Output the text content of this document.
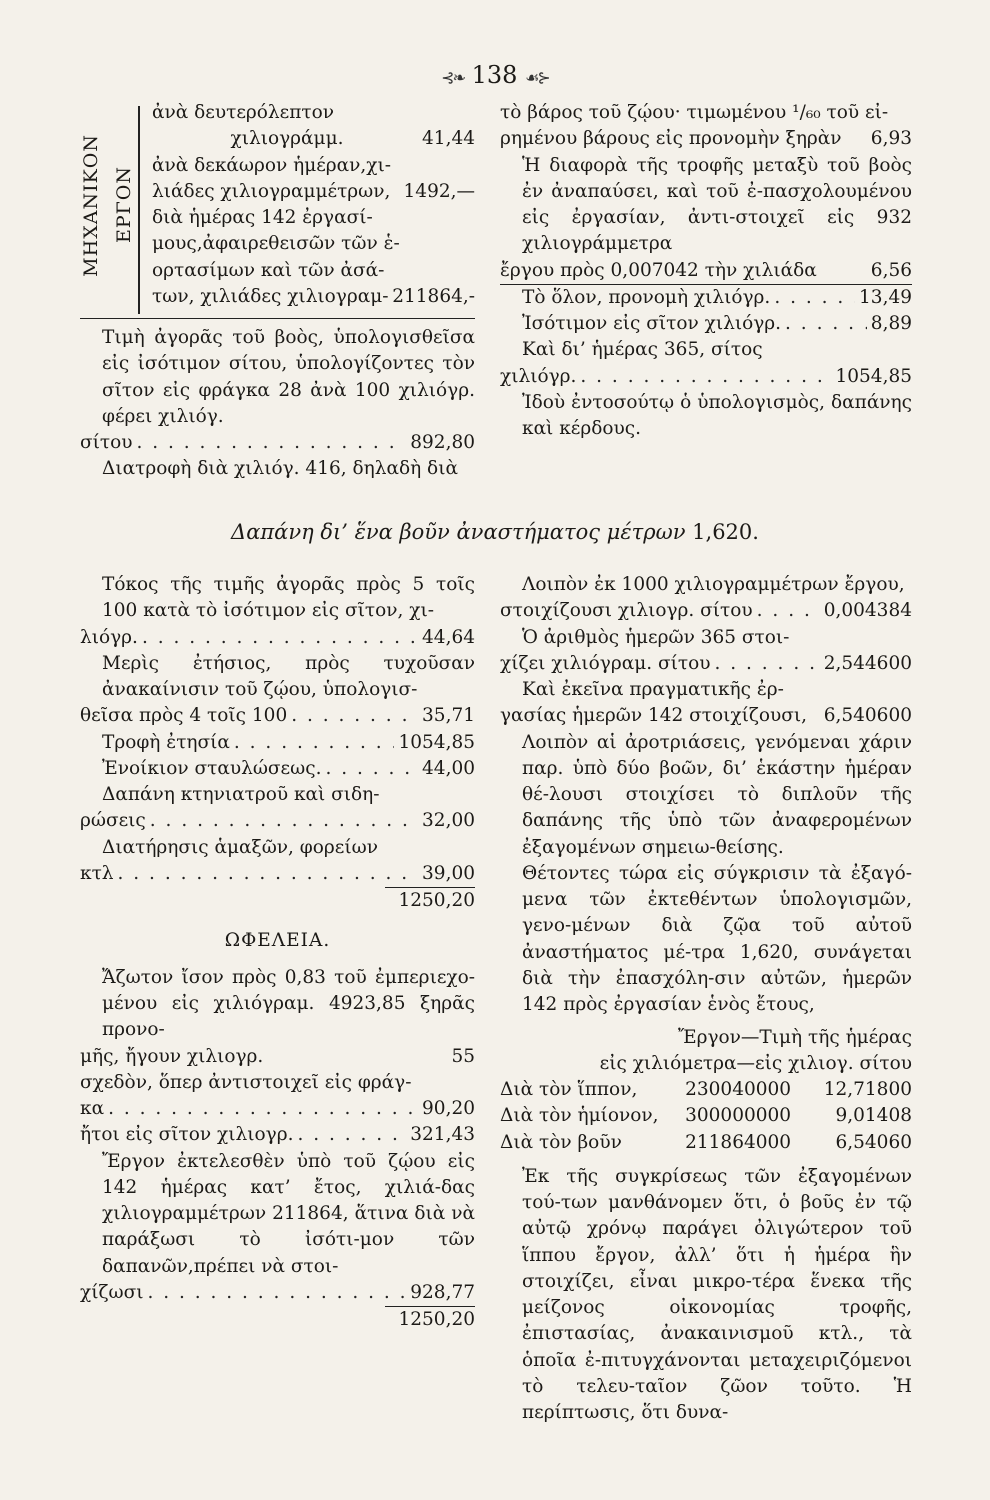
⊰❧ 138 ☙⊱
ΜΗΧΑΝΙΚΟΝ ΕΡΓΟΝ
ἀνὰ δευτερόλεπτον
χιλιογράμμ.	41,44
ἀνὰ δεκάωρον ἡμέραν,χι-
λιάδες χιλιογραμμέτρων, 1492,—
διὰ ἡμέρας 142 ἐργασί-
μους,ἀφαιρεθεισῶν τῶν ἑ-
ορτασίμων καὶ τῶν ἀσά-
των, χιλιάδες χιλιογραμ- 211864,-
Τιμὴ ἀγορᾶς τοῦ βοὸς, ὑπολογισθεῖσα εἰς ἰσότιμον σίτου, ὑπολογίζοντες τὸν σῖτον εἰς φράγκα 28 ἀνὰ 100 χιλιόγρ. φέρει χιλιόγ.
σίτου . . .	892,80
Διατροφὴ διὰ χιλιόγ. 416, δηλαδὴ διὰ
τὸ βάρος τοῦ ζῴου· τιμωμένου ¹/₆₀ τοῦ εἰ-
ρημένου βάρους εἰς προνομὴν ξηρὰν 6,93
Ἡ διαφορὰ τῆς τροφῆς μεταξὺ τοῦ βοὸς ἐν ἀναπαύσει, καὶ τοῦ ἐ-πασχολουμένου εἰς ἐργασίαν, ἀντι-στοιχεῖ εἰς 932 χιλιογράμμετρα
ἔργου πρὸς 0,007042 τὴν χιλιάδα	6,56
Τὸ ὅλον, προνομὴ χιλιόγρ. . . .	13,49
Ἰσότιμον εἰς σῖτον χιλιόγρ. . . .	8,89
Καὶ δι’ ἡμέρας 365, σίτος
χιλιόγρ. . . .	1054,85
Ἰδοὺ ἐντοσούτῳ ὁ ὑπολογισμὸς, δαπάνης καὶ κέρδους.
Δαπάνη δι’ ἕνα βοῦν ἀναστήματος μέτρων 1,620.
Τόκος τῆς τιμῆς ἀγορᾶς πρὸς 5 τοῖς 100 κατὰ τὸ ἰσότιμον εἰς σῖτον, χι-
λιόγρ. . . .	44,64
Μερὶς ἐτήσιος, πρὸς τυχοῦσαν ἀνακαίνισιν τοῦ ζῴου, ὑπολογισ-
θεῖσα πρὸς 4 τοῖς 100 . . .	35,71
Τροφὴ ἐτησία . . .	1054,85
Ἐνοίκιον σταυλώσεως. . . .	44,00
Δαπάνη κτηνιατροῦ καὶ σιδη-
ρώσεις . . .	32,00
Διατήρησις ἁμαξῶν, φορείων
κτλ . . .	39,00
1250,20
ΩΦΕΛΕΙΑ.
Ἄζωτον ἴσον πρὸς 0,83 τοῦ ἐμπεριεχο-μένου εἰς χιλιόγραμ. 4923,85 ξηρᾶς προνο-
μῆς, ἤγουν χιλιογρ.	55
σχεδὸν, ὅπερ ἀντιστοιχεῖ εἰς φράγ-
κα . . .	90,20
ἤτοι εἰς σῖτον χιλιογρ. . . .	321,43
Ἔργον ἐκτελεσθὲν ὑπὸ τοῦ ζῴου εἰς 142 ἡμέρας κατ’ ἔτος, χιλιά-δας χιλιογραμμέτρων 211864, ἅτινα διὰ νὰ παράξωσι τὸ ἰσότι-μον τῶν δαπανῶν,πρέπει νὰ στοι-
χίζωσι . . .	928,77
1250,20
Λοιπὸν ἐκ 1000 χιλιογραμμέτρων ἔργου,
στοιχίζουσι χιλιογρ. σίτου . . .	0,004384
Ὁ ἀριθμὸς ἡμερῶν 365 στοι-
χίζει χιλιόγραμ. σίτου . . .	2,544600
Καὶ ἐκεῖνα πραγματικῆς ἐρ-
γασίας ἡμερῶν 142 στοιχίζουσι, 6,540600
Λοιπὸν αἱ ἀροτριάσεις, γενόμεναι χάριν παρ. ὑπὸ δύο βοῶν, δι’ ἑκάστην ἡμέραν θέ-λουσι στοιχίσει τὸ διπλοῦν τῆς δαπάνης τῆς ὑπὸ τῶν ἀναφερομένων ἐξαγομένων σημειω-θείσης.
Θέτοντες τώρα εἰς σύγκρισιν τὰ ἐξαγό-μενα τῶν ἐκτεθέντων ὑπολογισμῶν, γενο-μένων διὰ ζῷα τοῦ αὐτοῦ ἀναστήματος μέ-τρα 1,620, συνάγεται διὰ τὴν ἐπασχόλη-σιν αὐτῶν, ἡμερῶν 142 πρὸς ἐργασίαν ἑνὸς ἔτους,
Ἔργον—Τιμὴ τῆς ἡμέρας
εἰς χιλιόμετρα—εἰς χιλιογ. σίτου
Διὰ τὸν ἵππον,	230040000	12,71800
Διὰ τὸν ἡμίονον,	300000000	9,01408
Διὰ τὸν βοῦν	211864000	6,54060
Ἐκ τῆς συγκρίσεως τῶν ἐξαγομένων τού-των μανθάνομεν ὅτι, ὁ βοῦς ἐν τῷ αὐτῷ χρόνῳ παράγει ὀλιγώτερον τοῦ ἵππου ἔργον, ἀλλ’ ὅτι ἡ ἡμέρα ἣν στοιχίζει, εἶναι μικρο-τέρα ἕνεκα τῆς μείζονος οἰκονομίας τροφῆς, ἐπιστασίας, ἀνακαινισμοῦ κτλ., τὰ ὁποῖα ἐ-πιτυγχάνονται μεταχειριζόμενοι τὸ τελευ-ταῖον ζῶον τοῦτο. Ἡ περίπτωσις, ὅτι δυνα-
